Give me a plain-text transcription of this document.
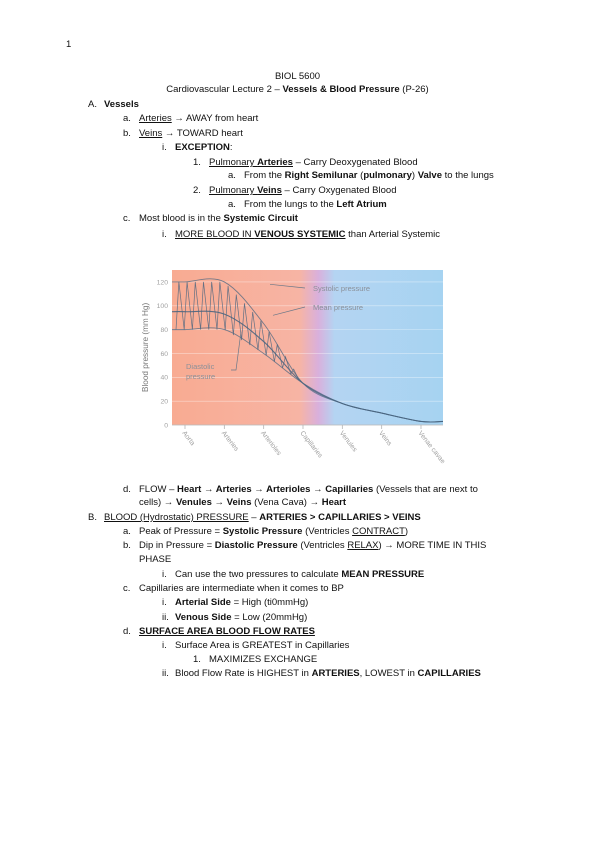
1
BIOL 5600
Cardiovascular Lecture 2 – Vessels & Blood Pressure (P-26)
A. Vessels
a. Arteries → AWAY from heart
b. Veins → TOWARD heart
i. EXCEPTION:
1. Pulmonary Arteries – Carry Deoxygenated Blood
a. From the Right Semilunar (pulmonary) Valve to the lungs
2. Pulmonary Veins – Carry Oxygenated Blood
a. From the lungs to the Left Atrium
c. Most blood is in the Systemic Circuit
i. MORE BLOOD IN VENOUS SYSTEMIC than Arterial Systemic
0
20
40
60
80
100
120
Blood pressure (mm Hg)
Systolic pressure
Mean pressure
Diastolic
pressure
Aorta	Arteries	Arterioles Capillaries Venules	Veins	Venae cavae
d. FLOW – Heart → Arteries → Arterioles → Capillaries (Vessels that are next to
cells) → Venules → Veins (Vena Cava) → Heart
B. BLOOD (Hydrostatic) PRESSURE – ARTERIES > CAPILLARIES > VEINS
a. Peak of Pressure = Systolic Pressure (Ventricles CONTRACT)
b. Dip in Pressure = Diastolic Pressure (Ventricles RELAX) → MORE TIME IN THIS
PHASE
i. Can use the two pressures to calculate MEAN PRESSURE
c. Capillaries are intermediate when it comes to BP
i. Arterial Side = High (ti0mmHg)
ii. Venous Side = Low (20mmHg)
d. SURFACE AREA BLOOD FLOW RATES
i. Surface Area is GREATEST in Capillaries
1. MAXIMIZES EXCHANGE
ii. Blood Flow Rate is HIGHEST in ARTERIES, LOWEST in CAPILLARIES
